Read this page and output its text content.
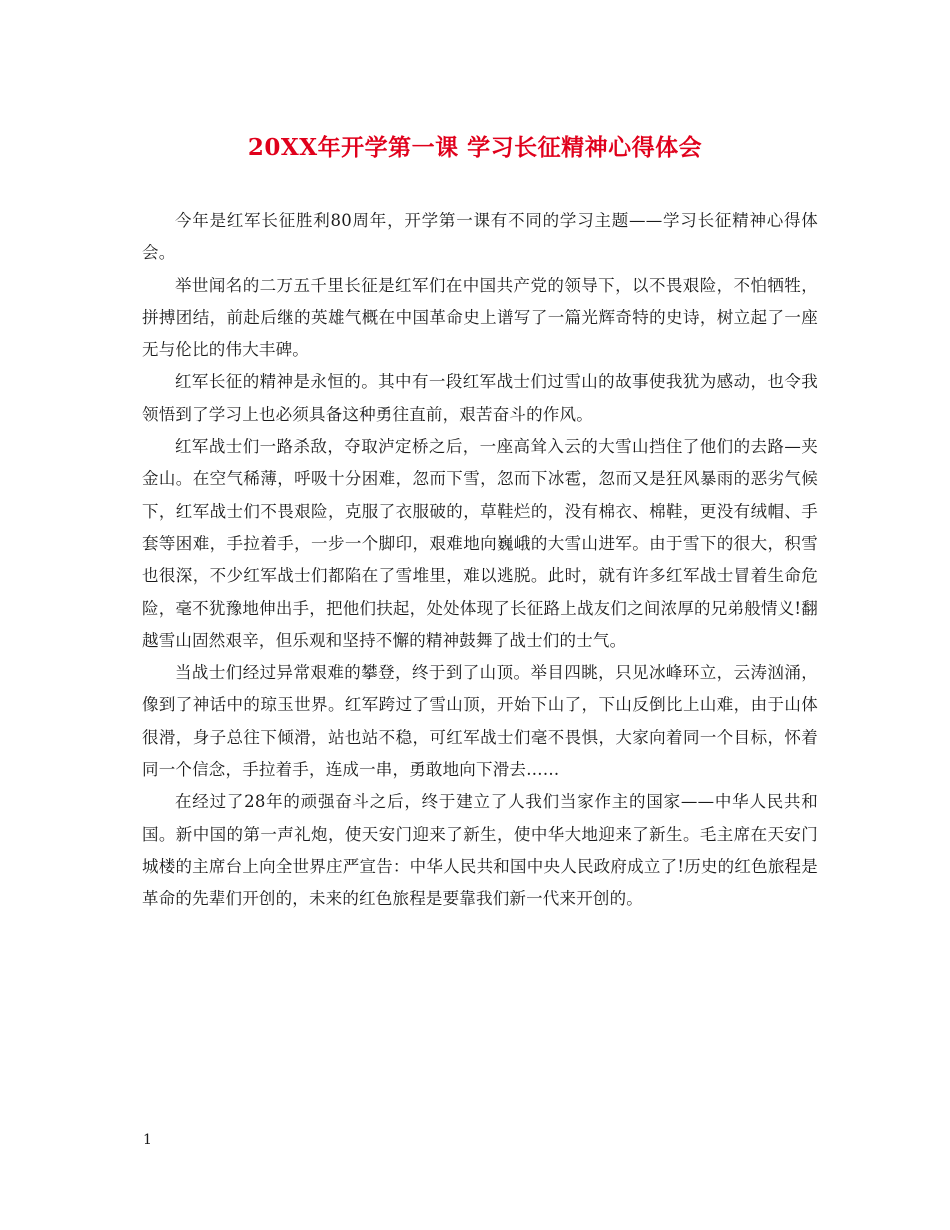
20XX年开学第一课 学习长征精神心得体会

今年是红军长征胜利80周年，开学第一课有不同的学习主题——学习长征精神心得体会。

举世闻名的二万五千里长征是红军们在中国共产党的领导下，以不畏艰险，不怕牺牲，拼搏团结，前赴后继的英雄气概在中国革命史上谱写了一篇光辉奇特的史诗，树立起了一座无与伦比的伟大丰碑。

红军长征的精神是永恒的。其中有一段红军战士们过雪山的故事使我犹为感动，也令我领悟到了学习上也必须具备这种勇往直前，艰苦奋斗的作风。

红军战士们一路杀敌，夺取泸定桥之后，一座高耸入云的大雪山挡住了他们的去路—夹金山。在空气稀薄，呼吸十分困难，忽而下雪，忽而下冰雹，忽而又是狂风暴雨的恶劣气候下，红军战士们不畏艰险，克服了衣服破的，草鞋烂的，没有棉衣、棉鞋，更没有绒帽、手套等困难，手拉着手，一步一个脚印，艰难地向巍峨的大雪山进军。由于雪下的很大，积雪也很深，不少红军战士们都陷在了雪堆里，难以逃脱。此时，就有许多红军战士冒着生命危险，毫不犹豫地伸出手，把他们扶起，处处体现了长征路上战友们之间浓厚的兄弟般情义!翻越雪山固然艰辛，但乐观和坚持不懈的精神鼓舞了战士们的士气。

当战士们经过异常艰难的攀登，终于到了山顶。举目四眺，只见冰峰环立，云涛汹涌，像到了神话中的琼玉世界。红军跨过了雪山顶，开始下山了，下山反倒比上山难，由于山体很滑，身子总往下倾滑，站也站不稳，可红军战士们毫不畏惧，大家向着同一个目标，怀着同一个信念，手拉着手，连成一串，勇敢地向下滑去……

在经过了28年的顽强奋斗之后，终于建立了人我们当家作主的国家——中华人民共和国。新中国的第一声礼炮，使天安门迎来了新生，使中华大地迎来了新生。毛主席在天安门城楼的主席台上向全世界庄严宣告：中华人民共和国中央人民政府成立了!历史的红色旅程是革命的先辈们开创的，未来的红色旅程是要靠我们新一代来开创的。

1
